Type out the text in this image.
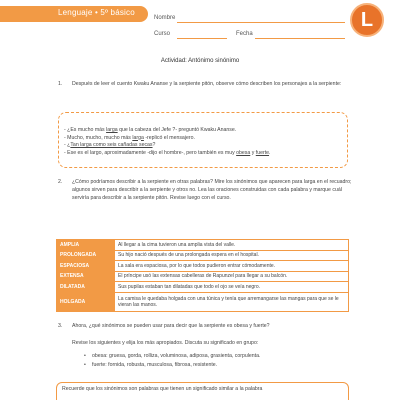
Lenguaje • 5º básico
Nombre
Curso	Fecha
L
Actividad: Antónimo sinónimo
1. Después de leer el cuento Kwaku Ananse y la serpiente pitón, observe cómo describen los personajes a la serpiente:
- ¿Es mucho más larga que la cabeza del Jefe ?- preguntó Kwaku Ananse.
- Mucho, mucho, mucho más larga -replicó el mensajero.
- ¿Tan larga como seis cañadas secas?
- Ese es el largo, aproximadamente -dijo el hombre-, pero también es muy obesa y fuerte.
2. ¿Cómo podríamos describir a la serpiente en otras palabras? Mire los sinónimos que aparecen para larga en el recuadro; algunos sirven para describir a la serpiente y otros no. Lea las oraciones construidas con cada palabra y marque cuál serviría para describir a la serpiente pitón. Revise luego con el curso.
AMPLIA	Al llegar a la cima tuvieron una amplia vista del valle.
PROLONGADA	Su hijo nació después de una prolongada espera en el hospital.
ESPACIOSA	La sala era espaciosa, por lo que todos pudieron entrar cómodamente.
EXTENSA	El príncipe usó las extensas cabelleras de Rapunzel para llegar a su balcón.
DILATADA	Sus pupilas estaban tan dilatadas que todo el ojo se veía negro.
HOLGADA	La camisa le quedaba holgada con una túnica y tenía que arremangarse las mangas para que se le vieran las manos.
3. Ahora, ¿qué sinónimos se pueden usar para decir que la serpiente es obesa y fuerte?
Revise los siguientes y elija los más apropiados. Discuta su significado en grupo:
• obesa: gruesa, gorda, rolliza, voluminosa, adiposa, grasienta, corpulenta.
• fuerte: fornida, robusta, musculosa, fibrosa, resistente.
Recuerde que los sinónimos son palabras que tienen un significado similar a la palabra
